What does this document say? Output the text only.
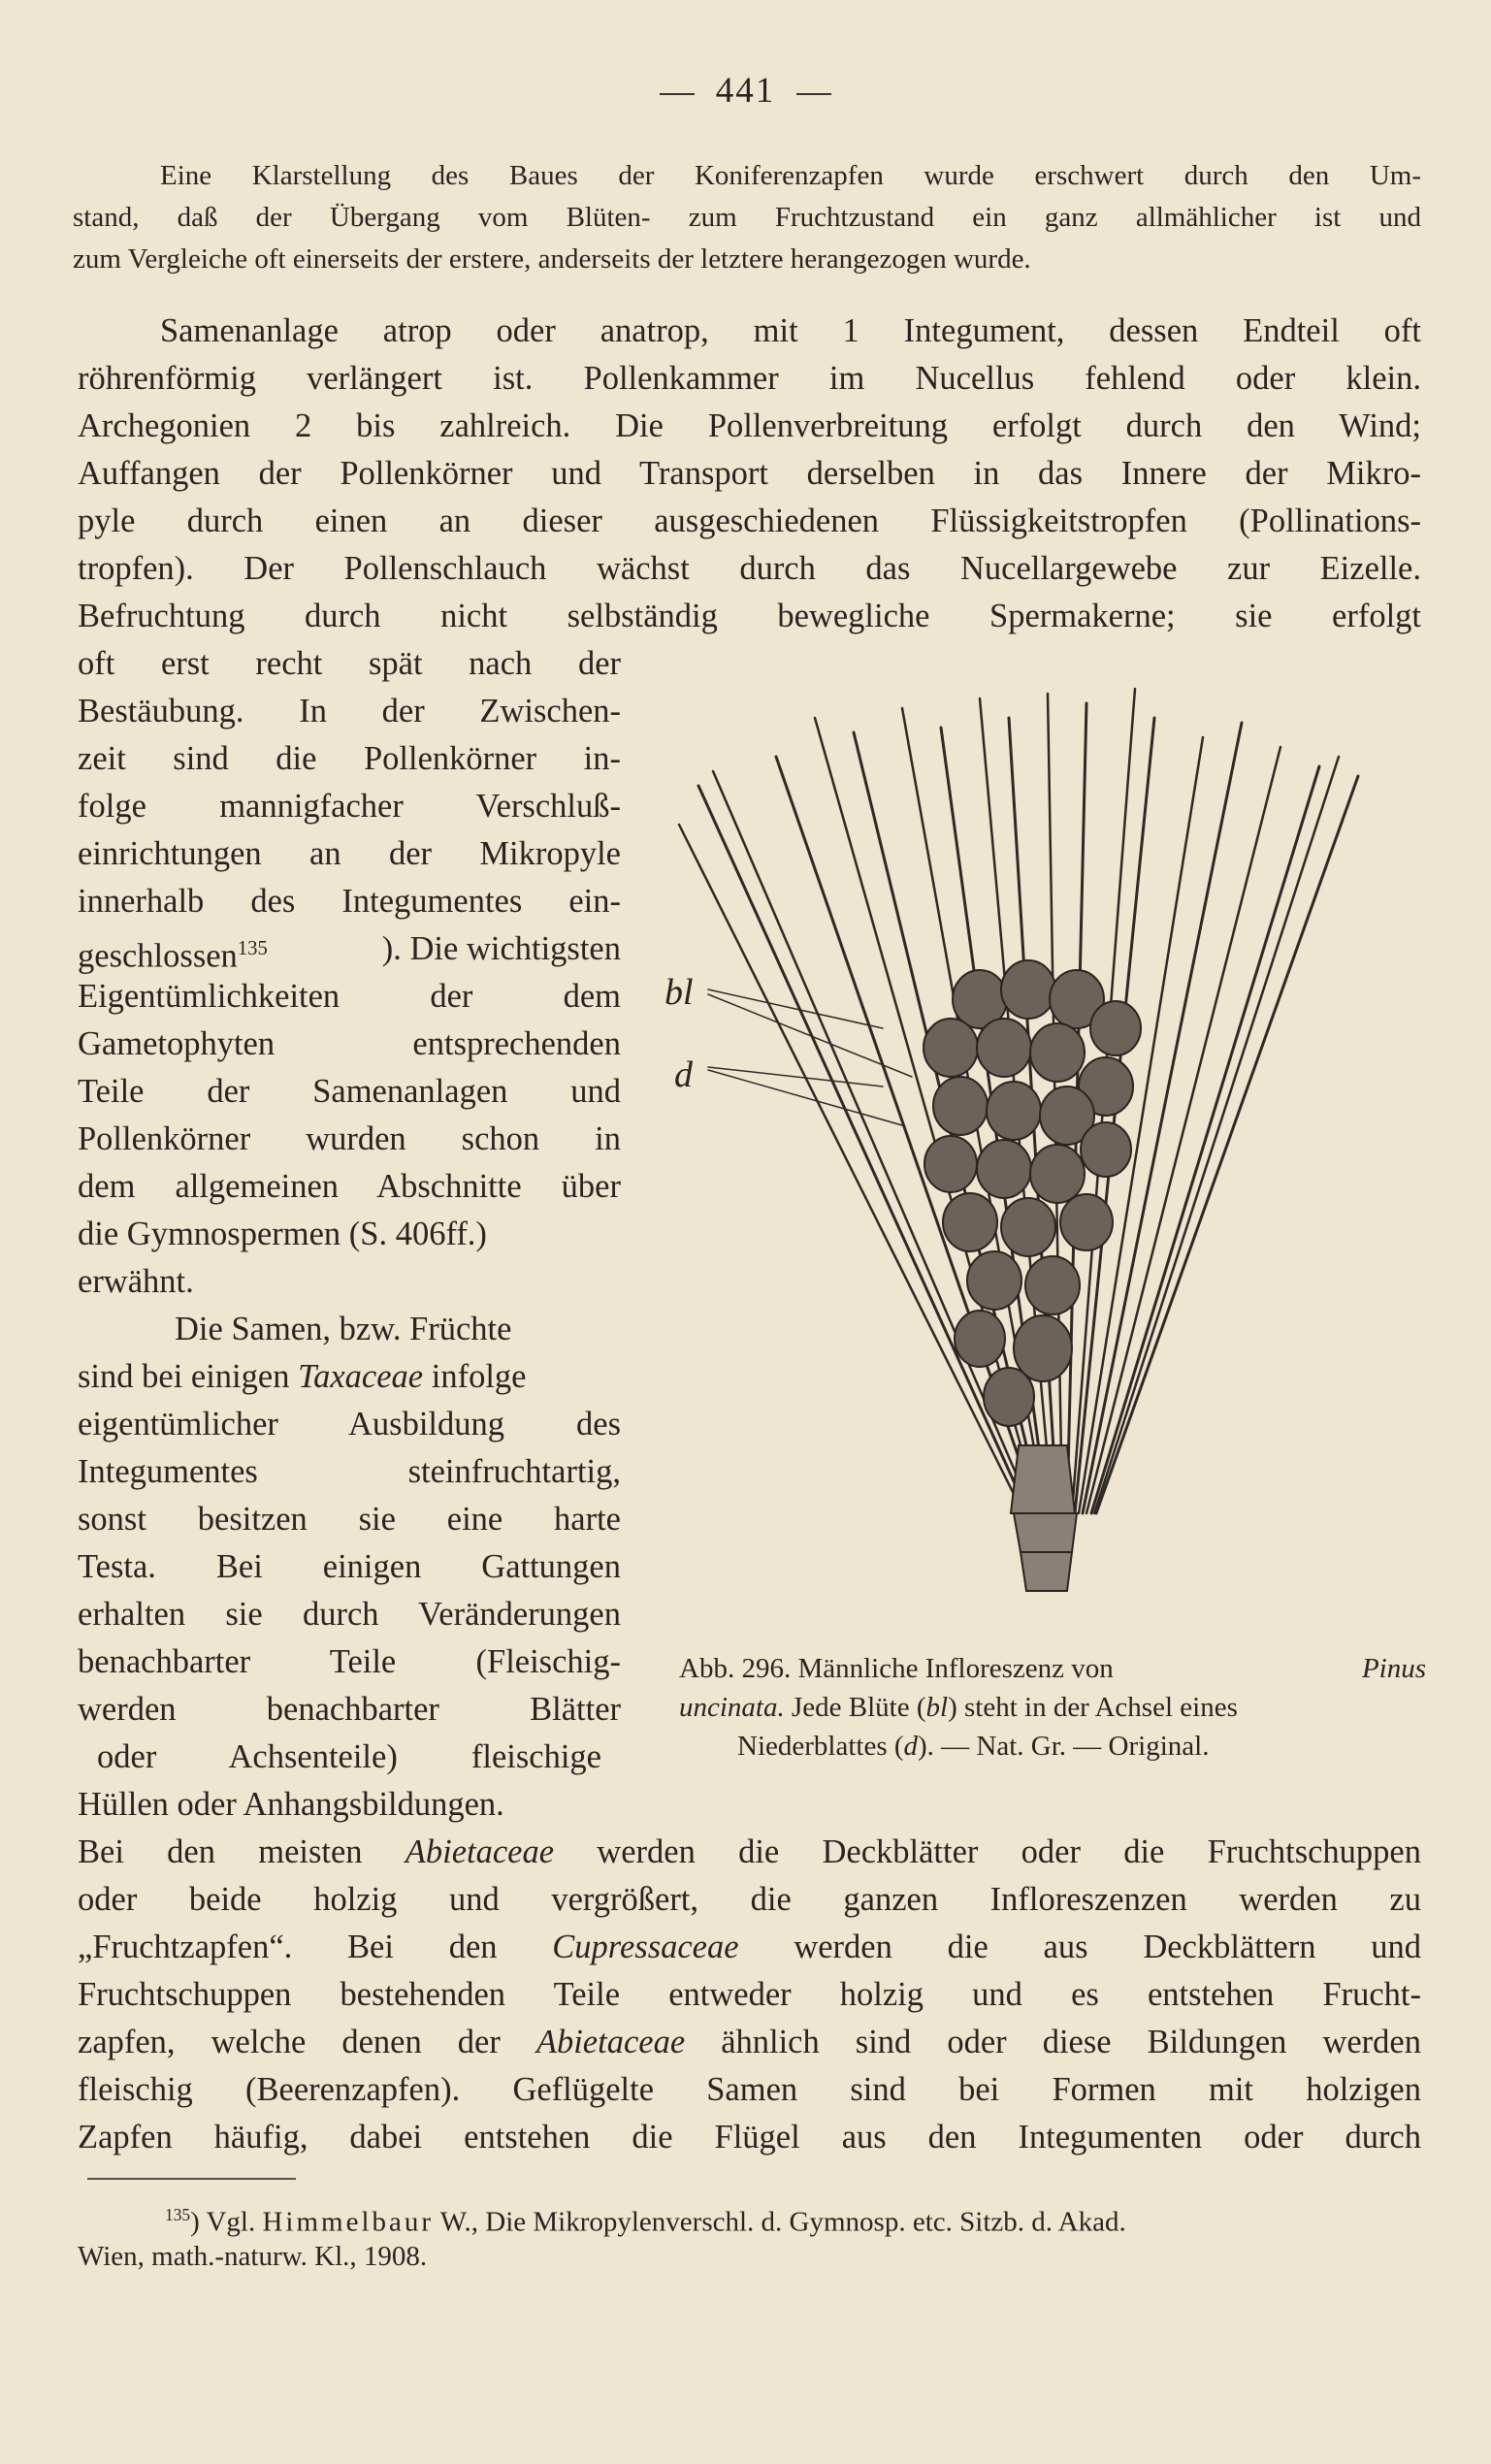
441
Eine Klarstellung des Baues der Koniferenzapfen wurde erschwert durch den Um-
stand, daß der Übergang vom Blüten- zum Fruchtzustand ein ganz allmählicher ist und
zum Vergleiche oft einerseits der erstere, anderseits der letztere herangezogen wurde.
Samenanlage atrop oder anatrop, mit 1 Integument, dessen Endteil oft
röhrenförmig verlängert ist. Pollenkammer im Nucellus fehlend oder klein.
Archegonien 2 bis zahlreich. Die Pollenverbreitung erfolgt durch den Wind;
Auffangen der Pollenkörner und Transport derselben in das Innere der Mikro-
pyle durch einen an dieser ausgeschiedenen Flüssigkeitstropfen (Pollinations-
tropfen). Der Pollenschlauch wächst durch das Nucellargewebe zur Eizelle.
Befruchtung durch nicht selbständig bewegliche Spermakerne; sie erfolgt
oft erst recht spät nach der
Bestäubung. In der Zwischen-
zeit sind die Pollenkörner in-
folge mannigfacher Verschluß-
einrichtungen an der Mikropyle
innerhalb des Integumentes ein-
geschlossen$^{135}$	). Die wichtigsten
Eigentümlichkeiten der dem
Gametophyten entsprechenden
Teile der Samenanlagen und
Pollenkörner wurden schon in
dem allgemeinen Abschnitte über
die Gymnospermen (S. 406ff.)
erwähnt.
Die Samen, bzw. Früchte
sind bei einigen Taxaceae infolge
eigentümlicher Ausbildung des
Integumentes steinfruchtartig,
sonst besitzen sie eine harte
Testa. Bei einigen Gattungen
erhalten sie durch Veränderungen
benachbarter Teile (Fleischig-
werden benachbarter Blätter
oder Achsenteile) fleischige
Hüllen oder Anhangsbildungen.
bl
d
Abb. 296. Männliche Infloreszenz von	Pinus
uncinata. Jede Blüte (bl) steht in der Achsel eines
Niederblattes (d). — Nat. Gr. — Original.
Bei den meisten Abietaceae werden die Deckblätter oder die Fruchtschuppen
oder beide holzig und vergrößert, die ganzen Infloreszenzen werden zu
„Fruchtzapfen“. Bei den Cupressaceae werden die aus Deckblättern und
Fruchtschuppen bestehenden Teile entweder holzig und es entstehen Frucht-
zapfen, welche denen der Abietaceae ähnlich sind oder diese Bildungen werden
fleischig (Beerenzapfen). Geflügelte Samen sind bei Formen mit holzigen
Zapfen häufig, dabei entstehen die Flügel aus den Integumenten oder durch
$^{135}$) Vgl. Himmelbaur W., Die Mikropylenverschl. d. Gymnosp. etc. Sitzb. d. Akad.
Wien, math.-naturw. Kl., 1908.
